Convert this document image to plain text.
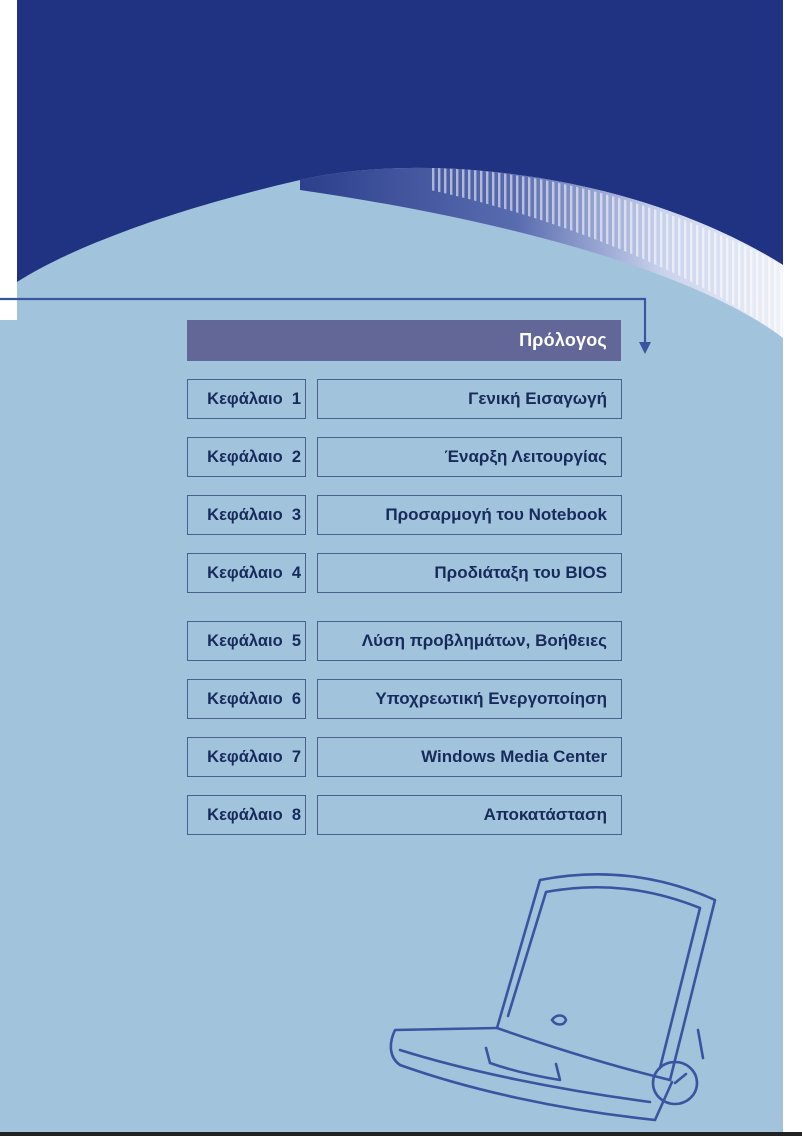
Πρόλογος
Κεφάλαιο  1	Γενική Εισαγωγή
Κεφάλαιο  2	Έναρξη Λειτουργίας
Κεφάλαιο  3	Προσαρμογή του Notebook
Κεφάλαιο  4	Προδιάταξη του BIOS
Κεφάλαιο  5	Λύση προβλημάτων, Βοήθειες
Κεφάλαιο  6	Υποχρεωτική Ενεργοποίηση
Κεφάλαιο  7	Windows Media Center
Κεφάλαιο  8	Αποκατάσταση
